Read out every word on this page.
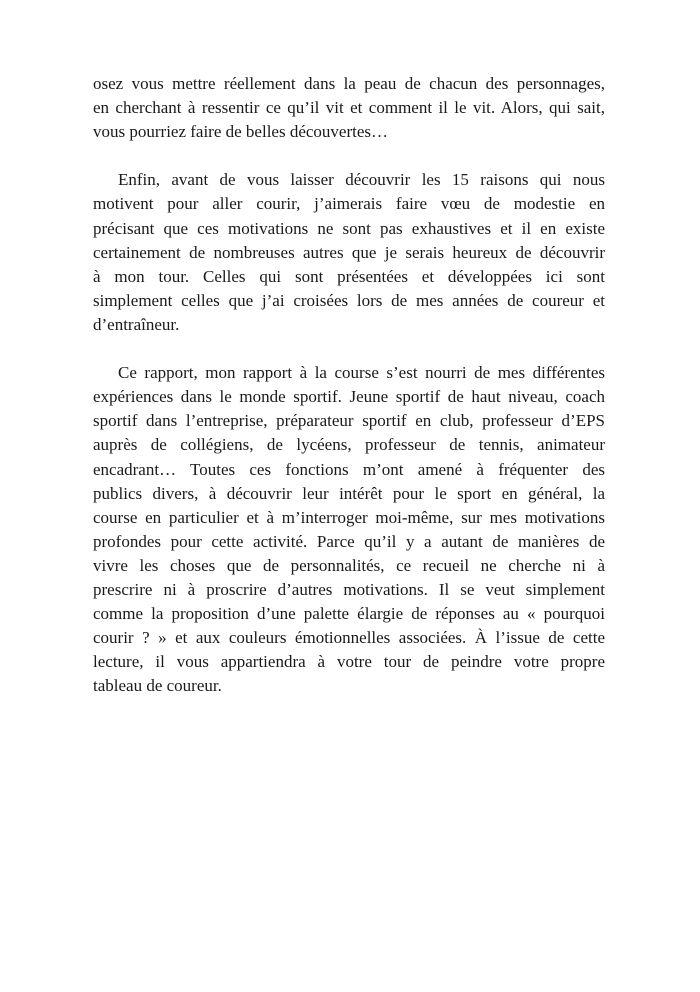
osez vous mettre réellement dans la peau de chacun des personnages,
en cherchant à ressentir ce qu’il vit et comment il le vit. Alors, qui sait,
vous pourriez faire de belles découvertes…
Enfin, avant de vous laisser découvrir les 15 raisons qui nous
motivent pour aller courir, j’aimerais faire vœu de modestie en
précisant que ces motivations ne sont pas exhaustives et il en existe
certainement de nombreuses autres que je serais heureux de découvrir
à mon tour. Celles qui sont présentées et développées ici sont
simplement celles que j’ai croisées lors de mes années de coureur et
d’entraîneur.
Ce rapport, mon rapport à la course s’est nourri de mes différentes
expériences dans le monde sportif. Jeune sportif de haut niveau, coach
sportif dans l’entreprise, préparateur sportif en club, professeur d’EPS
auprès de collégiens, de lycéens, professeur de tennis, animateur
encadrant… Toutes ces fonctions m’ont amené à fréquenter des
publics divers, à découvrir leur intérêt pour le sport en général, la
course en particulier et à m’interroger moi-même, sur mes motivations
profondes pour cette activité. Parce qu’il y a autant de manières de
vivre les choses que de personnalités, ce recueil ne cherche ni à
prescrire ni à proscrire d’autres motivations. Il se veut simplement
comme la proposition d’une palette élargie de réponses au « pourquoi
courir ? » et aux couleurs émotionnelles associées. À l’issue de cette
lecture, il vous appartiendra à votre tour de peindre votre propre
tableau de coureur.
